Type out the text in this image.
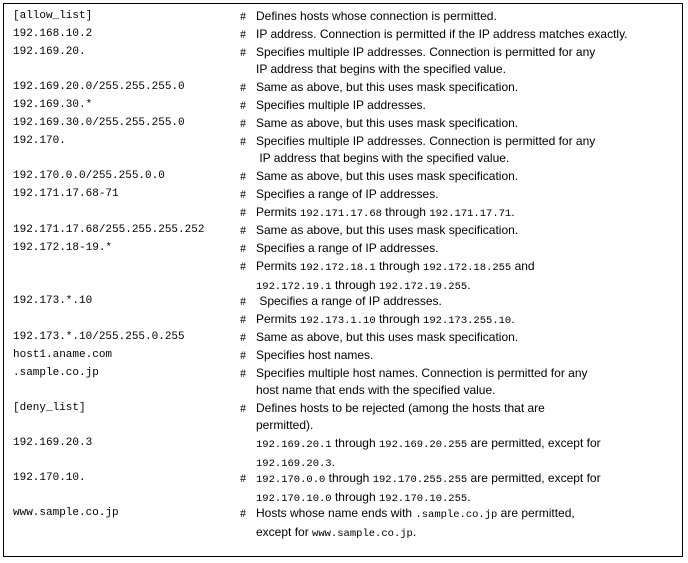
[allow_list]	# Defines hosts whose connection is permitted.
192.168.10.2	# IP address. Connection is permitted if the IP address matches exactly.
192.169.20.	# Specifies multiple IP addresses. Connection is permitted for any
IP address that begins with the specified value.
192.169.20.0/255.255.255.0	# Same as above, but this uses mask specification.
192.169.30.*	# Specifies multiple IP addresses.
192.169.30.0/255.255.255.0	# Same as above, but this uses mask specification.
192.170.	# Specifies multiple IP addresses. Connection is permitted for any
IP address that begins with the specified value.
192.170.0.0/255.255.0.0	# Same as above, but this uses mask specification.
192.171.17.68-71	# Specifies a range of IP addresses.
# Permits 192.171.17.68 through 192.171.17.71.
192.171.17.68/255.255.255.252	# Same as above, but this uses mask specification.
192.172.18-19.*	# Specifies a range of IP addresses.
# Permits 192.172.18.1 through 192.172.18.255 and
192.172.19.1 through 192.172.19.255.
192.173.*.10	# Specifies a range of IP addresses.
# Permits 192.173.1.10 through 192.173.255.10.
192.173.*.10/255.255.0.255	# Same as above, but this uses mask specification.
host1.aname.com	# Specifies host names.
.sample.co.jp	# Specifies multiple host names. Connection is permitted for any
host name that ends with the specified value.
[deny_list]	# Defines hosts to be rejected (among the hosts that are
permitted).
192.169.20.3	192.169.20.1 through 192.169.20.255 are permitted, except for
192.169.20.3.
192.170.10.	# 192.170.0.0 through 192.170.255.255 are permitted, except for
192.170.10.0 through 192.170.10.255.
www.sample.co.jp	# Hosts whose name ends with .sample.co.jp are permitted,
except for www.sample.co.jp.
